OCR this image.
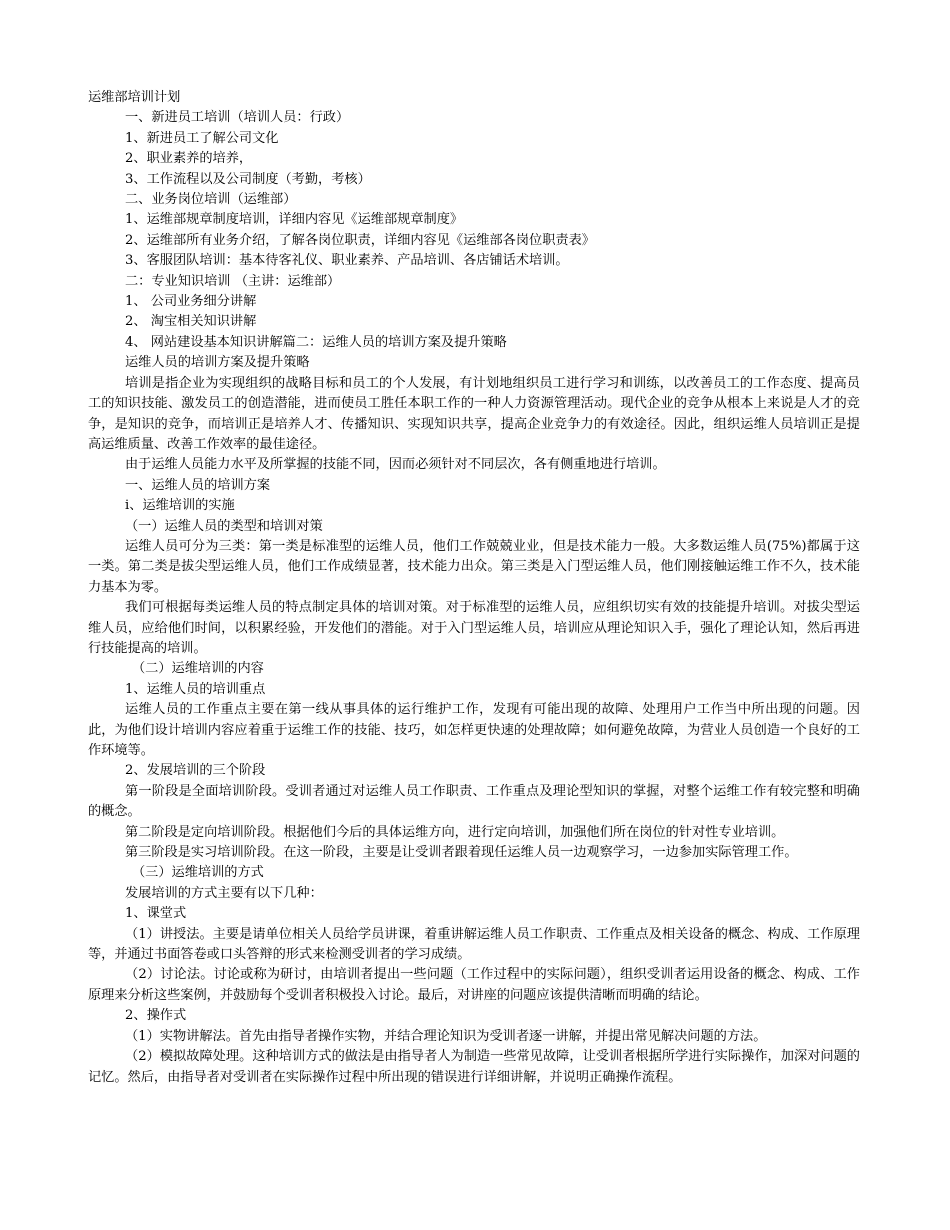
运维部培训计划
一、新进员工培训（培训人员：行政）
1、新进员工了解公司文化
2、职业素养的培养，
3、工作流程以及公司制度（考勤，考核）
二、业务岗位培训（运维部）
1、运维部规章制度培训，详细内容见《运维部规章制度》
2、运维部所有业务介绍，了解各岗位职责，详细内容见《运维部各岗位职责表》
3、客服团队培训：基本待客礼仪、职业素养、产品培训、各店铺话术培训。
二：专业知识培训 （主讲：运维部）
1、 公司业务细分讲解
2、 淘宝相关知识讲解
4、 网站建设基本知识讲解篇二：运维人员的培训方案及提升策略
运维人员的培训方案及提升策略
培训是指企业为实现组织的战略目标和员工的个人发展，有计划地组织员工进行学习和训练，以改善员工的工作态度、提高员工的知识技能、激发员工的创造潜能，进而使员工胜任本职工作的一种人力资源管理活动。现代企业的竞争从根本上来说是人才的竞争，是知识的竞争，而培训正是培养人才、传播知识、实现知识共享，提高企业竞争力的有效途径。因此，组织运维人员培训正是提高运维质量、改善工作效率的最佳途径。
由于运维人员能力水平及所掌握的技能不同，因而必须针对不同层次，各有侧重地进行培训。
一、运维人员的培训方案
ⅰ、运维培训的实施
（一）运维人员的类型和培训对策
运维人员可分为三类：第一类是标准型的运维人员，他们工作兢兢业业，但是技术能力一般。大多数运维人员(75%)都属于这一类。第二类是拔尖型运维人员，他们工作成绩显著，技术能力出众。第三类是入门型运维人员，他们刚接触运维工作不久，技术能力基本为零。
我们可根据每类运维人员的特点制定具体的培训对策。对于标准型的运维人员，应组织切实有效的技能提升培训。对拔尖型运维人员，应给他们时间，以积累经验，开发他们的潜能。对于入门型运维人员，培训应从理论知识入手，强化了理论认知，然后再进行技能提高的培训。
（二）运维培训的内容
1、运维人员的培训重点
运维人员的工作重点主要在第一线从事具体的运行维护工作，发现有可能出现的故障、处理用户工作当中所出现的问题。因此，为他们设计培训内容应着重于运维工作的技能、技巧，如怎样更快速的处理故障；如何避免故障，为营业人员创造一个良好的工作环境等。
2、发展培训的三个阶段
第一阶段是全面培训阶段。受训者通过对运维人员工作职责、工作重点及理论型知识的掌握，对整个运维工作有较完整和明确的概念。
第二阶段是定向培训阶段。根据他们今后的具体运维方向，进行定向培训，加强他们所在岗位的针对性专业培训。
第三阶段是实习培训阶段。在这一阶段，主要是让受训者跟着现任运维人员一边观察学习，一边参加实际管理工作。
（三）运维培训的方式
发展培训的方式主要有以下几种：
1、课堂式
（1）讲授法。主要是请单位相关人员给学员讲课，着重讲解运维人员工作职责、工作重点及相关设备的概念、构成、工作原理等，并通过书面答卷或口头答辩的形式来检测受训者的学习成绩。
（2）讨论法。讨论或称为研讨，由培训者提出一些问题（工作过程中的实际问题），组织受训者运用设备的概念、构成、工作原理来分析这些案例，并鼓励每个受训者积极投入讨论。最后，对讲座的问题应该提供清晰而明确的结论。
2、操作式
（1）实物讲解法。首先由指导者操作实物，并结合理论知识为受训者逐一讲解，并提出常见解决问题的方法。
（2）模拟故障处理。这种培训方式的做法是由指导者人为制造一些常见故障，让受训者根据所学进行实际操作，加深对问题的记忆。然后，由指导者对受训者在实际操作过程中所出现的错误进行详细讲解，并说明正确操作流程。
